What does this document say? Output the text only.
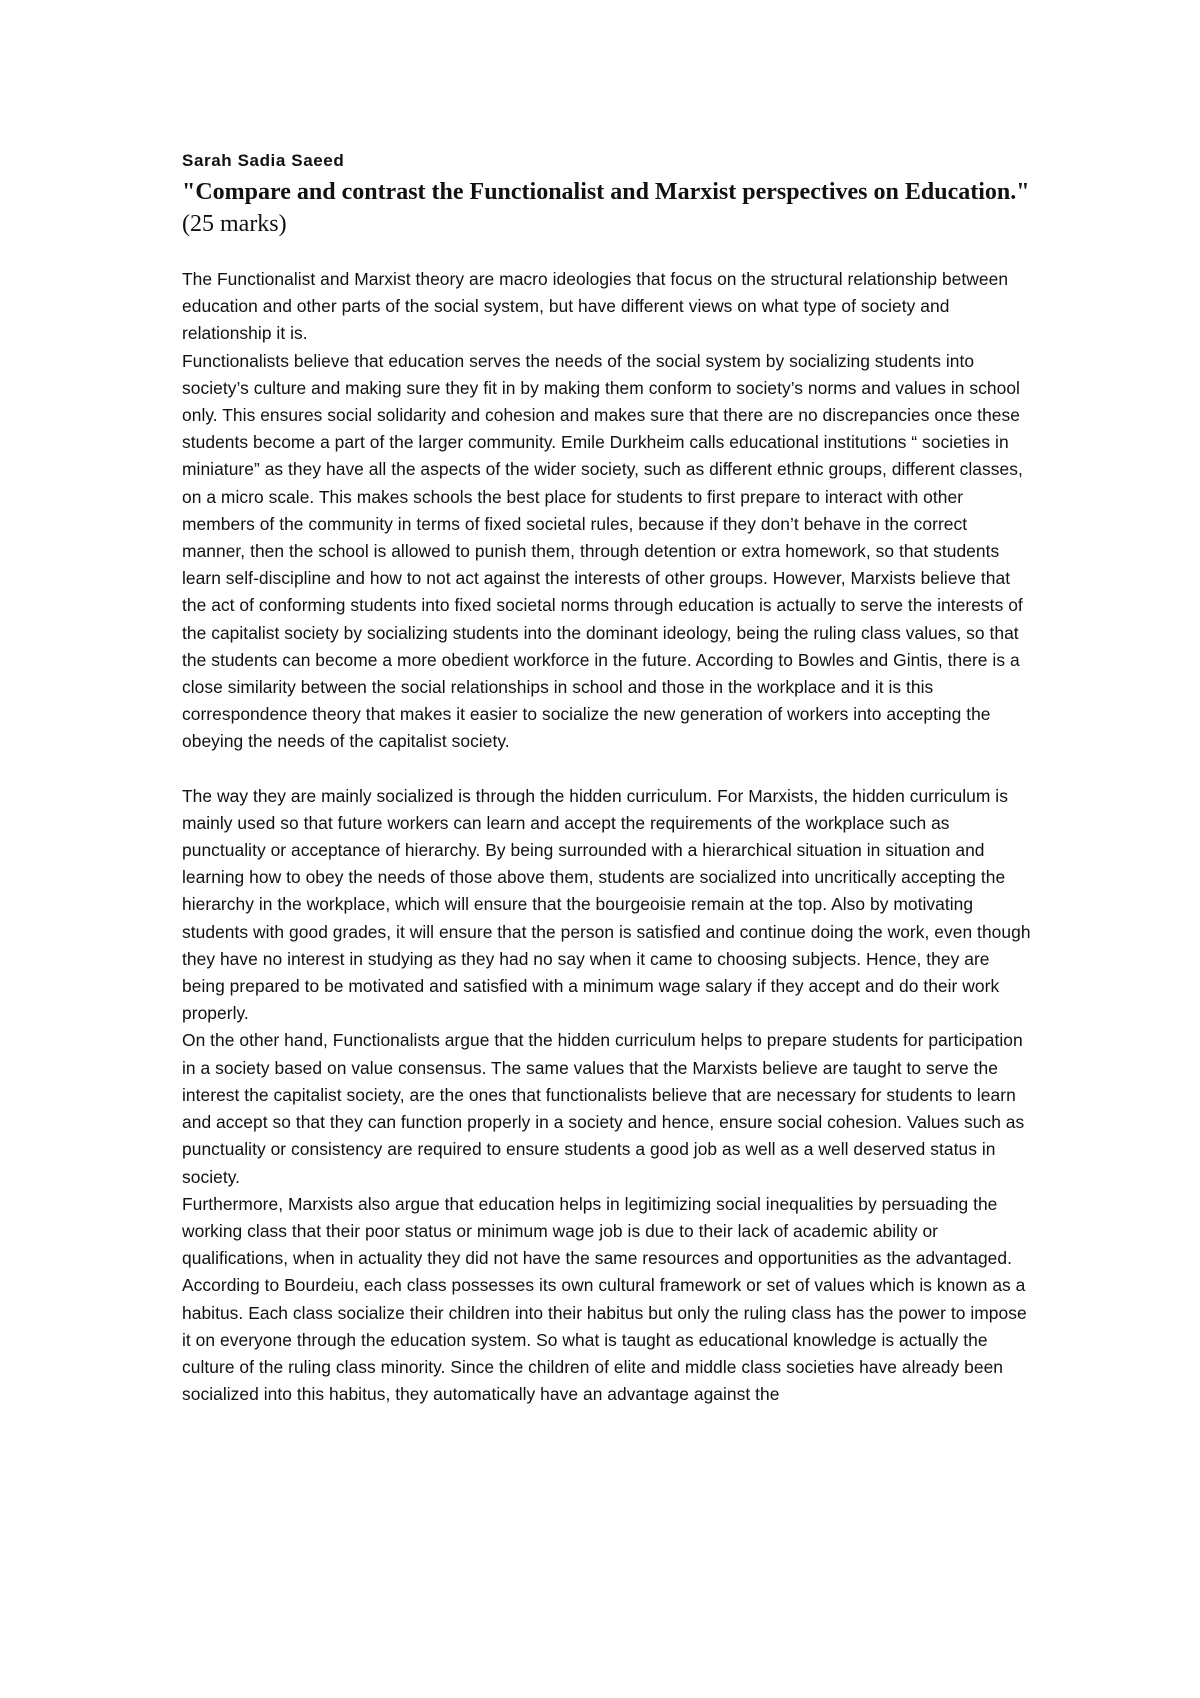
Sarah Sadia Saeed
"Compare and contrast the Functionalist and Marxist perspectives on Education." (25 marks)

The Functionalist and Marxist theory are macro ideologies that focus on the structural relationship between education and other parts of the social system, but have different views on what type of society and relationship it is.

Functionalists believe that education serves the needs of the social system by socializing students into society’s culture and making sure they fit in by making them conform to society’s norms and values in school only. This ensures social solidarity and cohesion and makes sure that there are no discrepancies once these students become a part of the larger community. Emile Durkheim calls educational institutions “ societies in miniature” as they have all the aspects of the wider society, such as different ethnic groups, different classes, on a micro scale. This makes schools the best place for students to first prepare to interact with other members of the community in terms of fixed societal rules, because if they don’t behave in the correct manner, then the school is allowed to punish them, through detention or extra homework, so that students learn self-discipline and how to not act against the interests of other groups. However, Marxists believe that the act of conforming students into fixed societal norms through education is actually to serve the interests of the capitalist society by socializing students into the dominant ideology, being the ruling class values, so that the students can become a more obedient workforce in the future. According to Bowles and Gintis, there is a close similarity between the social relationships in school and those in the workplace and it is this correspondence theory that makes it easier to socialize the new generation of workers into accepting the obeying the needs of the capitalist society.

The way they are mainly socialized is through the hidden curriculum. For Marxists, the hidden curriculum is mainly used so that future workers can learn and accept the requirements of the workplace such as punctuality or acceptance of hierarchy. By being surrounded with a hierarchical situation in situation and learning how to obey the needs of those above them, students are socialized into uncritically accepting the hierarchy in the workplace, which will ensure that the bourgeoisie remain at the top. Also by motivating students with good grades, it will ensure that the person is satisfied and continue doing the work, even though they have no interest in studying as they had no say when it came to choosing subjects. Hence, they are being prepared to be motivated and satisfied with a minimum wage salary if they accept and do their work properly.

On the other hand, Functionalists argue that the hidden curriculum helps to prepare students for participation in a society based on value consensus. The same values that the Marxists believe are taught to serve the interest the capitalist society, are the ones that functionalists believe that are necessary for students to learn and accept so that they can function properly in a society and hence, ensure social cohesion. Values such as punctuality or consistency are required to ensure students a good job as well as a well deserved status in society.

Furthermore, Marxists also argue that education helps in legitimizing social inequalities by persuading the working class that their poor status or minimum wage job is due to their lack of academic ability or qualifications, when in actuality they did not have the same resources and opportunities as the advantaged. According to Bourdeiu, each class possesses its own cultural framework or set of values which is known as a habitus. Each class socialize their children into their habitus but only the ruling class has the power to impose it on everyone through the education system. So what is taught as educational knowledge is actually the culture of the ruling class minority. Since the children of elite and middle class societies have already been socialized into this habitus, they automatically have an advantage against the
